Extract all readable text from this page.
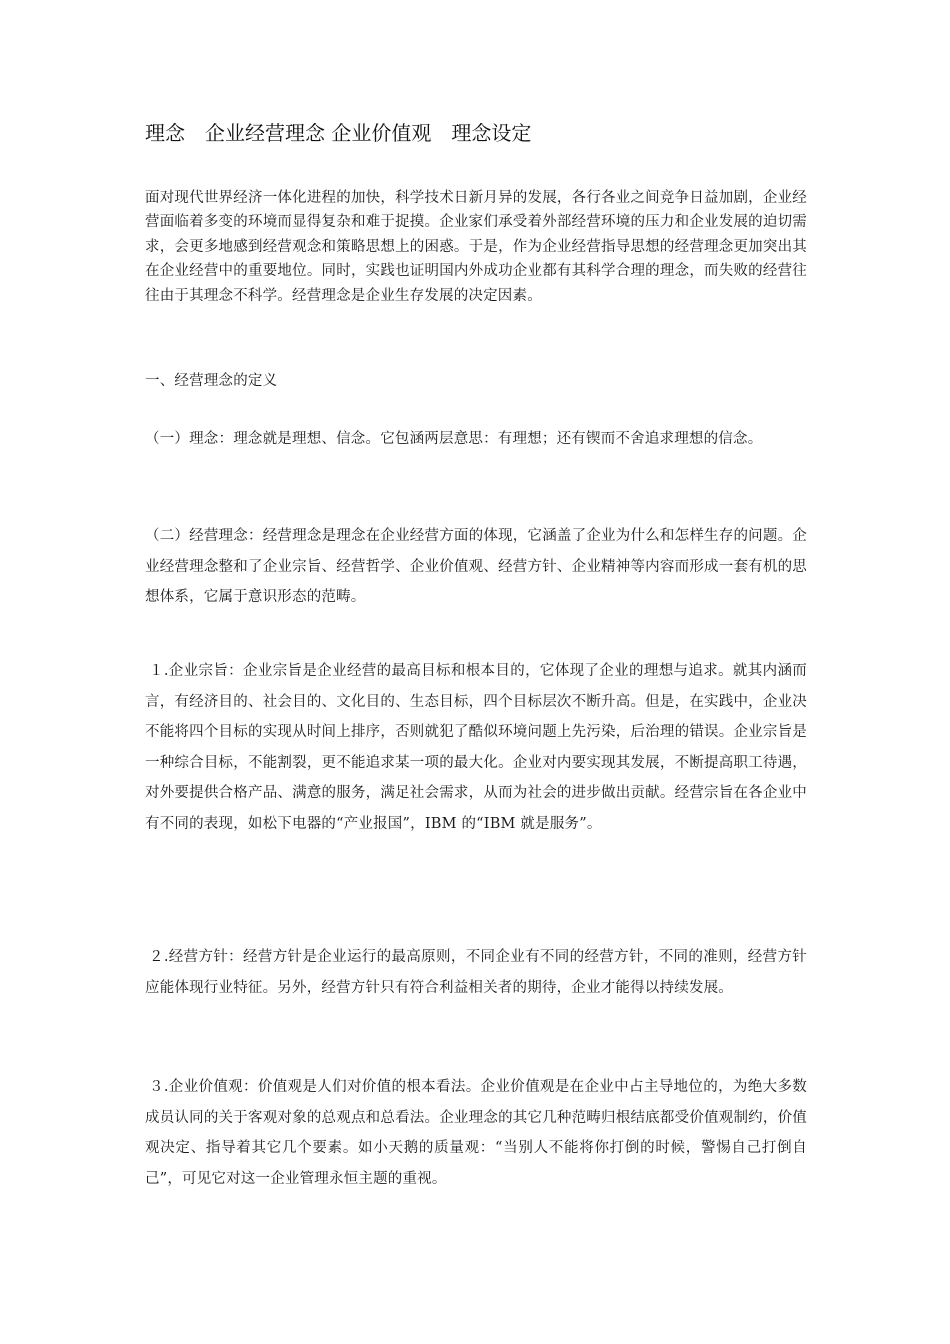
理念　企业经营理念 企业价值观　理念设定

面对现代世界经济一体化进程的加快，科学技术日新月异的发展，各行各业之间竞争日益加剧，企业经营面临着多变的环境而显得复杂和难于捉摸。企业家们承受着外部经营环境的压力和企业发展的迫切需求，会更多地感到经营观念和策略思想上的困惑。于是，作为企业经营指导思想的经营理念更加突出其在企业经营中的重要地位。同时，实践也证明国内外成功企业都有其科学合理的理念，而失败的经营往往由于其理念不科学。经营理念是企业生存发展的决定因素。

一、经营理念的定义

（一）理念：理念就是理想、信念。它包涵两层意思：有理想；还有锲而不舍追求理想的信念。

（二）经营理念：经营理念是理念在企业经营方面的体现，它涵盖了企业为什么和怎样生存的问题。企业经营理念整和了企业宗旨、经营哲学、企业价值观、经营方针、企业精神等内容而形成一套有机的思想体系，它属于意识形态的范畴。

１.企业宗旨：企业宗旨是企业经营的最高目标和根本目的，它体现了企业的理想与追求。就其内涵而言，有经济目的、社会目的、文化目的、生态目标，四个目标层次不断升高。但是，在实践中，企业决不能将四个目标的实现从时间上排序，否则就犯了酷似环境问题上先污染，后治理的错误。企业宗旨是一种综合目标，不能割裂，更不能追求某一项的最大化。企业对内要实现其发展，不断提高职工待遇，对外要提供合格产品、满意的服务，满足社会需求，从而为社会的进步做出贡献。经营宗旨在各企业中有不同的表现，如松下电器的“产业报国”，IBM 的“IBM 就是服务”。

２.经营方针：经营方针是企业运行的最高原则，不同企业有不同的经营方针，不同的准则，经营方针应能体现行业特征。另外，经营方针只有符合利益相关者的期待，企业才能得以持续发展。

３.企业价值观：价值观是人们对价值的根本看法。企业价值观是在企业中占主导地位的，为绝大多数成员认同的关于客观对象的总观点和总看法。企业理念的其它几种范畴归根结底都受价值观制约，价值观决定、指导着其它几个要素。如小天鹅的质量观：“当别人不能将你打倒的时候，警惕自己打倒自己”，可见它对这一企业管理永恒主题的重视。
